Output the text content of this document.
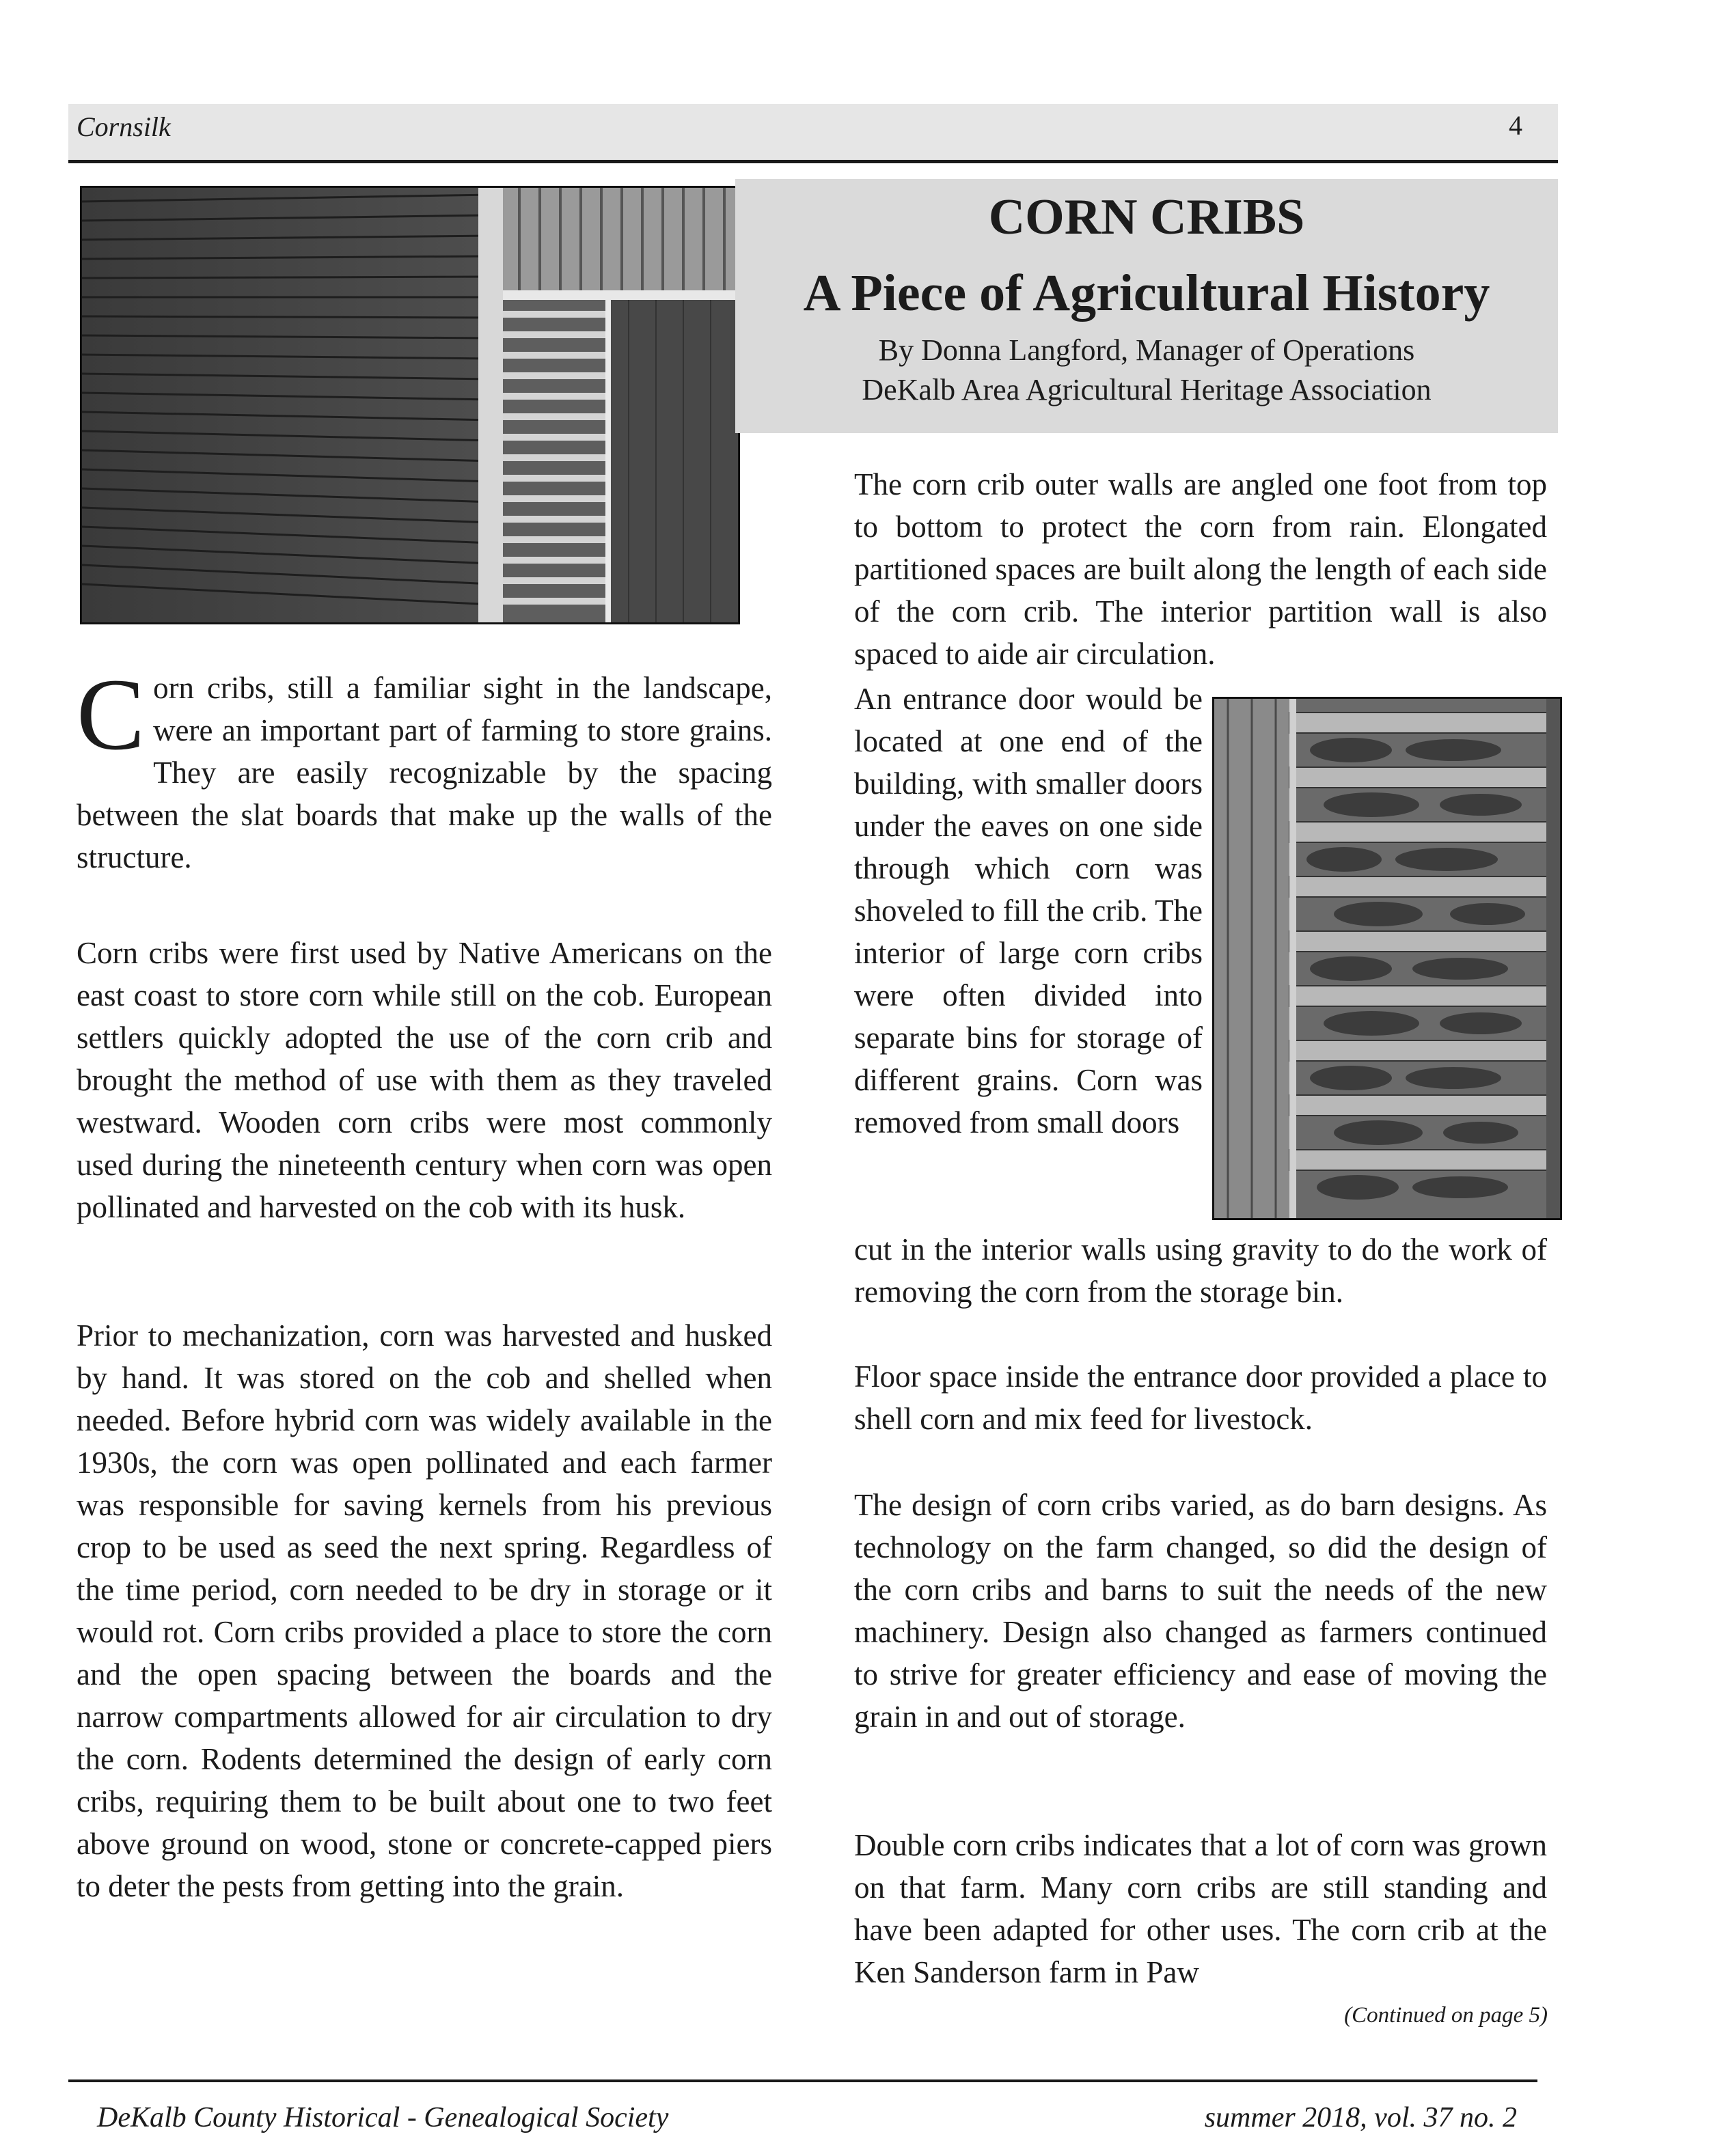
Cornsilk	4
CORN CRIBS
A Piece of Agricultural History
By Donna Langford, Manager of Operations
DeKalb Area Agricultural Heritage Association

Corn cribs, still a familiar sight in the landscape, were an important part of farming to store grains. They are easily recognizable by the spacing between the slat boards that make up the walls of the structure.

Corn cribs were first used by Native Americans on the east coast to store corn while still on the cob. European settlers quickly adopted the use of the corn crib and brought the method of use with them as they traveled westward. Wooden corn cribs were most commonly used during the nineteenth century when corn was open pollinated and harvested on the cob with its husk.

Prior to mechanization, corn was harvested and husked by hand. It was stored on the cob and shelled when needed. Before hybrid corn was widely available in the 1930s, the corn was open pollinated and each farmer was responsible for saving kernels from his previous crop to be used as seed the next spring. Regardless of the time period, corn needed to be dry in storage or it would rot. Corn cribs provided a place to store the corn and the open spacing between the boards and the narrow compartments allowed for air circulation to dry the corn. Rodents determined the design of early corn cribs, requiring them to be built about one to two feet above ground on wood, stone or concrete-capped piers to deter the pests from getting into the grain.

The corn crib outer walls are angled one foot from top to bottom to protect the corn from rain. Elongated partitioned spaces are built along the length of each side of the corn crib. The interior partition wall is also spaced to aide air circulation.

An entrance door would be located at one end of the building, with smaller doors under the eaves on one side through which corn was shoveled to fill the crib. The interior of large corn cribs were often divided into separate bins for storage of different grains. Corn was removed from small doors

cut in the interior walls using gravity to do the work of removing the corn from the storage bin.

Floor space inside the entrance door provided a place to shell corn and mix feed for livestock.

The design of corn cribs varied, as do barn designs. As technology on the farm changed, so did the design of the corn cribs and barns to suit the needs of the new machinery. Design also changed as farmers continued to strive for greater efficiency and ease of moving the grain in and out of storage.

Double corn cribs indicates that a lot of corn was grown on that farm. Many corn cribs are still standing and have been adapted for other uses. The corn crib at the Ken Sanderson farm in Paw

(Continued on page 5)
DeKalb County Historical - Genealogical Society	summer 2018, vol. 37 no. 2
